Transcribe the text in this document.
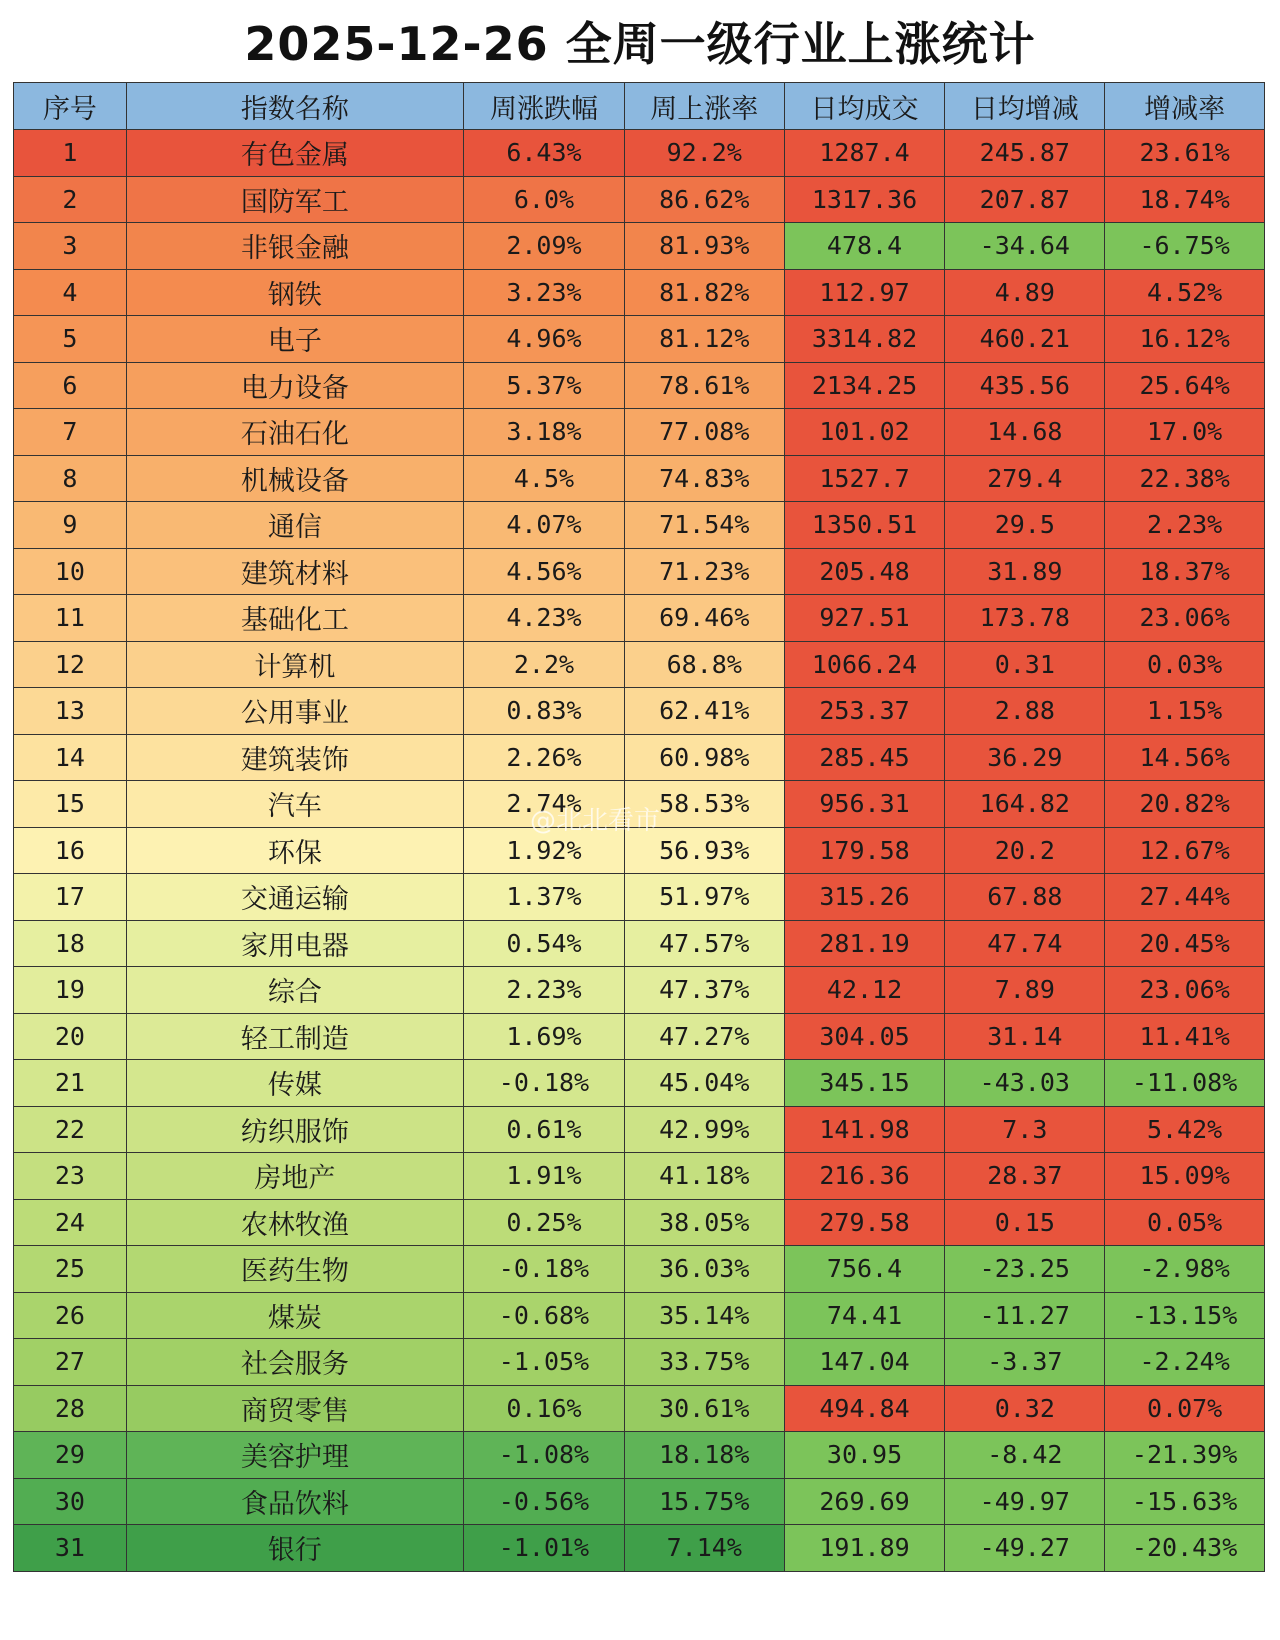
2025-12-26 全周一级行业上涨统计
序号	指数名称	周涨跌幅	周上涨率	日均成交	日均增减	增减率
1	有色金属	6.43%	92.2%	1287.4	245.87	23.61%
2	国防军工	6.0%	86.62%	1317.36	207.87	18.74%
3	非银金融	2.09%	81.93%	478.4	-34.64	-6.75%
4	钢铁	3.23%	81.82%	112.97	4.89	4.52%
5	电子	4.96%	81.12%	3314.82	460.21	16.12%
6	电力设备	5.37%	78.61%	2134.25	435.56	25.64%
7	石油石化	3.18%	77.08%	101.02	14.68	17.0%
8	机械设备	4.5%	74.83%	1527.7	279.4	22.38%
9	通信	4.07%	71.54%	1350.51	29.5	2.23%
10	建筑材料	4.56%	71.23%	205.48	31.89	18.37%
11	基础化工	4.23%	69.46%	927.51	173.78	23.06%
12	计算机	2.2%	68.8%	1066.24	0.31	0.03%
13	公用事业	0.83%	62.41%	253.37	2.88	1.15%
14	建筑装饰	2.26%	60.98%	285.45	36.29	14.56%
15	汽车	2.74%	58.53%	956.31	164.82	20.82%
16	环保	1.92%	56.93%	179.58	20.2	12.67%
17	交通运输	1.37%	51.97%	315.26	67.88	27.44%
18	家用电器	0.54%	47.57%	281.19	47.74	20.45%
19	综合	2.23%	47.37%	42.12	7.89	23.06%
20	轻工制造	1.69%	47.27%	304.05	31.14	11.41%
21	传媒	-0.18%	45.04%	345.15	-43.03	-11.08%
22	纺织服饰	0.61%	42.99%	141.98	7.3	5.42%
23	房地产	1.91%	41.18%	216.36	28.37	15.09%
24	农林牧渔	0.25%	38.05%	279.58	0.15	0.05%
25	医药生物	-0.18%	36.03%	756.4	-23.25	-2.98%
26	煤炭	-0.68%	35.14%	74.41	-11.27	-13.15%
27	社会服务	-1.05%	33.75%	147.04	-3.37	-2.24%
28	商贸零售	0.16%	30.61%	494.84	0.32	0.07%
29	美容护理	-1.08%	18.18%	30.95	-8.42	-21.39%
30	食品饮料	-0.56%	15.75%	269.69	-49.97	-15.63%
31	银行	-1.01%	7.14%	191.89	-49.27	-20.43%
@北北看市
